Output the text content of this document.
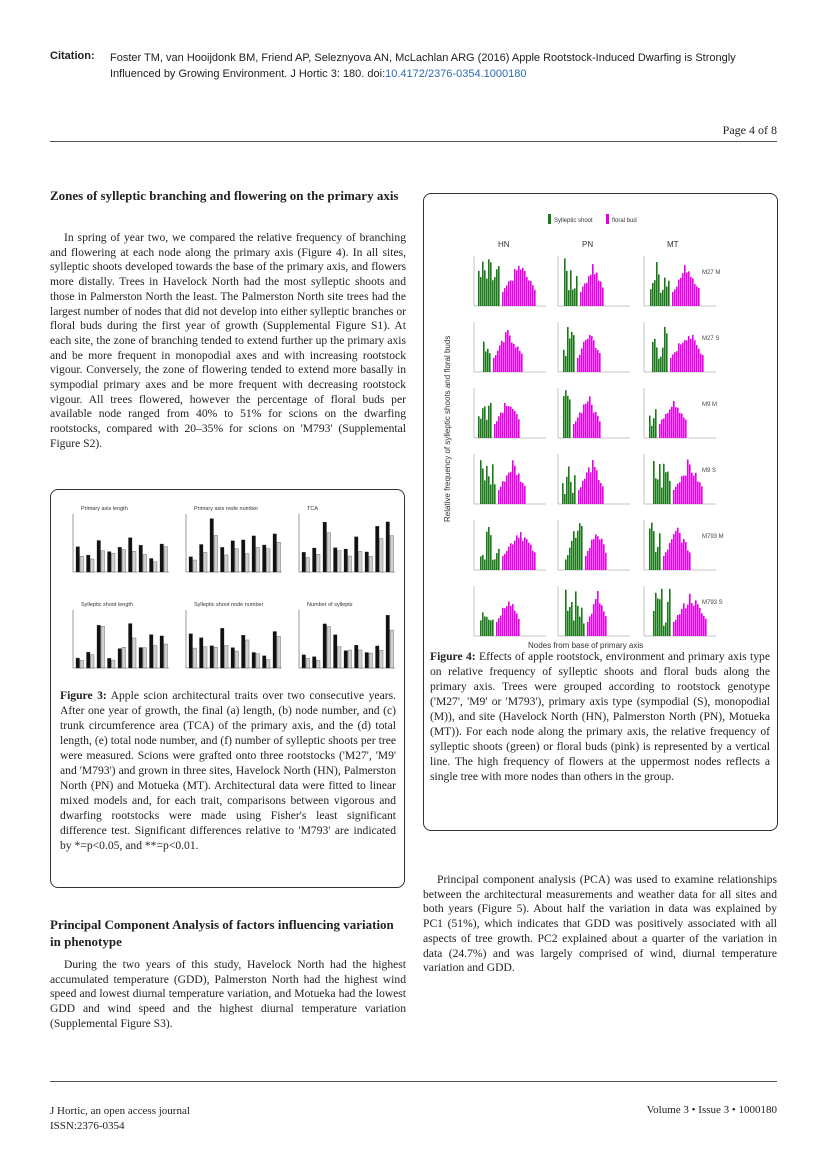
Citation: Foster TM, van Hooijdonk BM, Friend AP, Seleznyova AN, McLachlan ARG (2016) Apple Rootstock-Induced Dwarfing is Strongly Influenced by Growing Environment. J Hortic 3: 180. doi:10.4172/2376-0354.1000180
Page 4 of 8
Zones of sylleptic branching and flowering on the primary axis

In spring of year two, we compared the relative frequency of branching and flowering at each node along the primary axis (Figure 4). In all sites, sylleptic shoots developed towards the base of the primary axis, and flowers more distally. Trees in Havelock North had the most sylleptic shoots and those in Palmerston North the least. The Palmerston North site trees had the largest number of nodes that did not develop into either sylleptic branches or floral buds during the first year of growth (Supplemental Figure S1). At each site, the zone of branching tended to extend further up the primary axis and be more frequent in monopodial axes and with increasing rootstock vigour. Conversely, the zone of flowering tended to extend more basally in sympodial primary axes and be more frequent with decreasing rootstock vigour. All trees flowered, however the percentage of floral buds per available node ranged from 40% to 51% for scions on the dwarfing rootstocks, compared with 20–35% for scions on 'M793' (Supplemental Figure S2).

Primary axis length	Primary axis node number	TCA
Sylleptic shoot length	Sylleptic shoot node number	Number of syllepts

Figure 3: Apple scion architectural traits over two consecutive years. After one year of growth, the final (a) length, (b) node number, and (c) trunk circumference area (TCA) of the primary axis, and the (d) total length, (e) total node number, and (f) number of sylleptic shoots per tree were measured. Scions were grafted onto three rootstocks ('M27', 'M9' and 'M793') and grown in three sites, Havelock North (HN), Palmerston North (PN) and Motueka (MT). Architectural data were fitted to linear mixed models and, for each trait, comparisons between vigorous and dwarfing rootstocks were made using Fisher's least significant difference test. Significant differences relative to 'M793' are indicated by *=p<0.05, and **=p<0.01.

Principal Component Analysis of factors influencing variation in phenotype

During the two years of this study, Havelock North had the highest accumulated temperature (GDD), Palmerston North had the highest wind speed and lowest diurnal temperature variation, and Motueka had the lowest GDD and wind speed and the highest diurnal temperature variation (Supplemental Figure S3).

Sylleptic shoot	floral bud
HN	PN	MT
Relative frequency of sylleptic shoots and floral buds
Nodes from base of primary axis
M27 M
M27 S
M9 M
M9 S
M793 M
M793 S

Figure 4: Effects of apple rootstock, environment and primary axis type on relative frequency of sylleptic shoots and floral buds along the primary axis. Trees were grouped according to rootstock genotype ('M27', 'M9' or 'M793'), primary axis type (sympodial (S), monopodial (M)), and site (Havelock North (HN), Palmerston North (PN), Motueka (MT)). For each node along the primary axis, the relative frequency of sylleptic shoots (green) or floral buds (pink) is represented by a vertical line. The high frequency of flowers at the uppermost nodes reflects a single tree with more nodes than others in the group.

Principal component analysis (PCA) was used to examine relationships between the architectural measurements and weather data for all sites and both years (Figure 5). About half the variation in data was explained by PC1 (51%), which indicates that GDD was positively associated with all aspects of tree growth. PC2 explained about a quarter of the variation in data (24.7%) and was largely comprised of wind, diurnal temperature variation and GDD.

J Hortic, an open access journal
ISSN:2376-0354
Volume 3 • Issue 3 • 1000180
